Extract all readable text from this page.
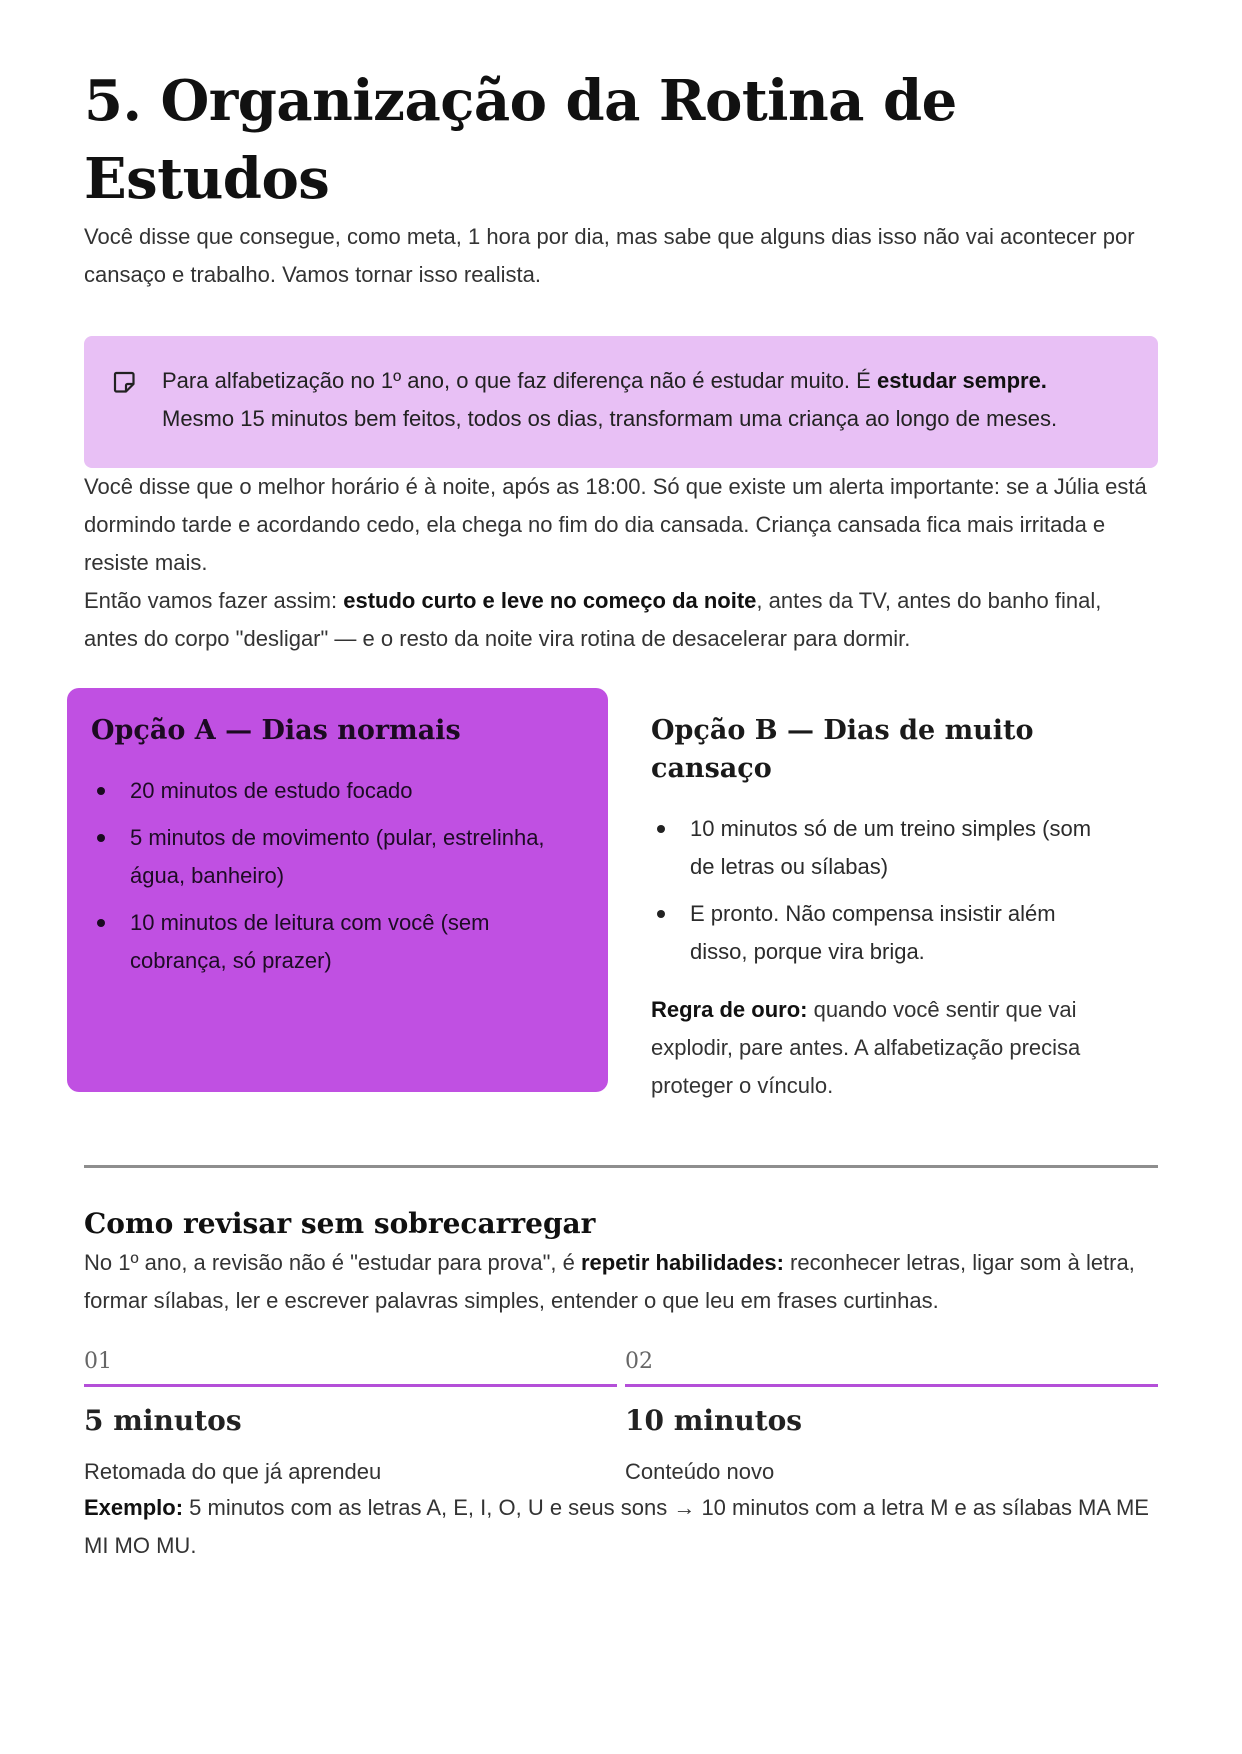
5. Organização da Rotina de Estudos

Você disse que consegue, como meta, 1 hora por dia, mas sabe que alguns dias isso não vai acontecer por cansaço e trabalho. Vamos tornar isso realista.

Para alfabetização no 1º ano, o que faz diferença não é estudar muito. É estudar sempre. Mesmo 15 minutos bem feitos, todos os dias, transformam uma criança ao longo de meses.

Você disse que o melhor horário é à noite, após as 18:00. Só que existe um alerta importante: se a Júlia está dormindo tarde e acordando cedo, ela chega no fim do dia cansada. Criança cansada fica mais irritada e resiste mais.

Então vamos fazer assim: estudo curto e leve no começo da noite, antes da TV, antes do banho final, antes do corpo "desligar" — e o resto da noite vira rotina de desacelerar para dormir.

Opção A — Dias normais
20 minutos de estudo focado
5 minutos de movimento (pular, estrelinha, água, banheiro)
10 minutos de leitura com você (sem cobrança, só prazer)
Opção B — Dias de muito cansaço
10 minutos só de um treino simples (som de letras ou sílabas)
E pronto. Não compensa insistir além disso, porque vira briga.

Regra de ouro: quando você sentir que vai explodir, pare antes. A alfabetização precisa proteger o vínculo.

Como revisar sem sobrecarregar

No 1º ano, a revisão não é "estudar para prova", é repetir habilidades: reconhecer letras, ligar som à letra, formar sílabas, ler e escrever palavras simples, entender o que leu em frases curtinhas.

01
5 minutos
Retomada do que já aprendeu
02
10 minutos
Conteúdo novo

Exemplo: 5 minutos com as letras A, E, I, O, U e seus sons → 10 minutos com a letra M e as sílabas MA ME MI MO MU.
